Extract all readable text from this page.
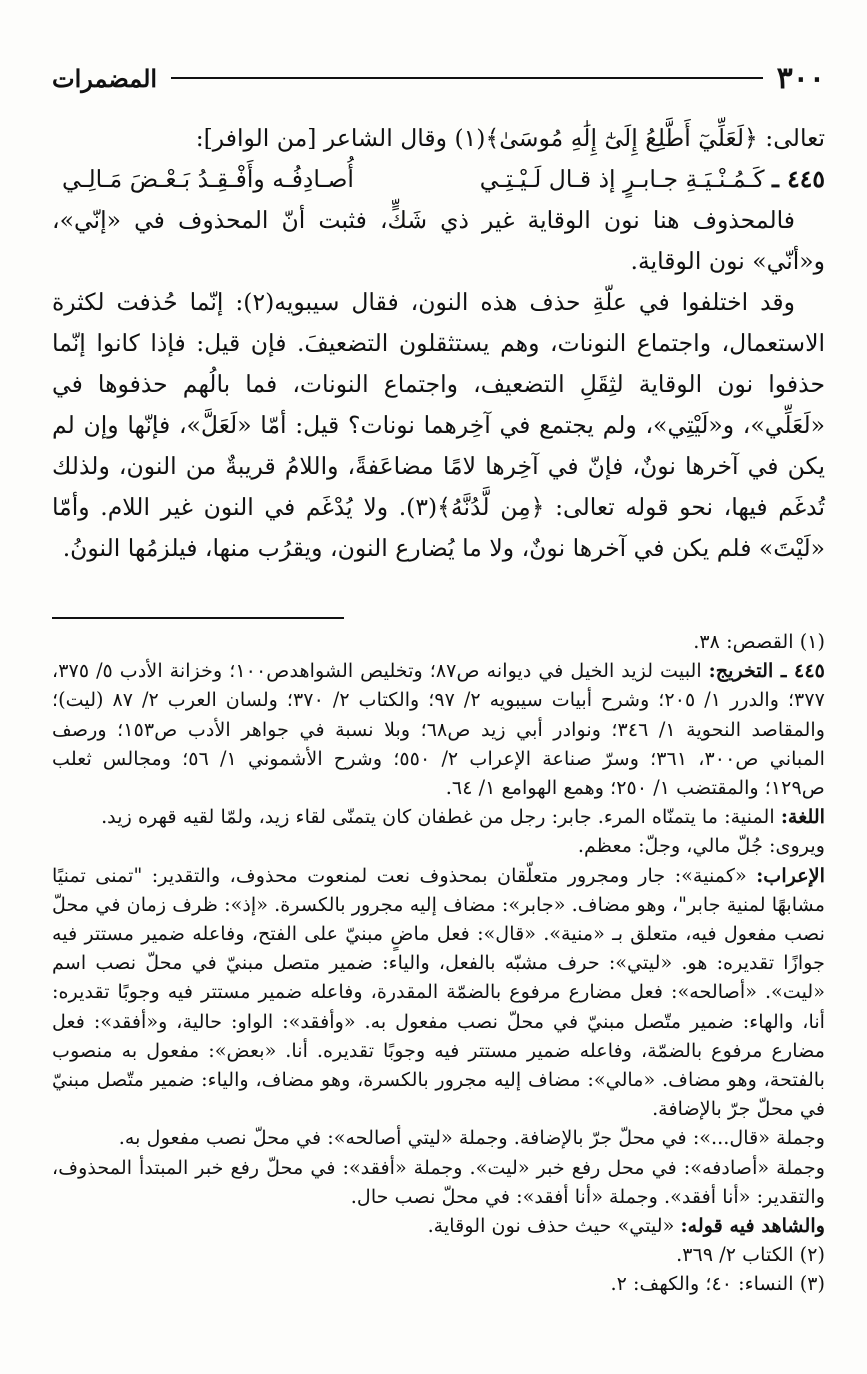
٣٠٠
المضمرات

تعالى: ﴿لَعَلِّيٓ أَطَّلِعُ إِلَىٰٓ إِلَٰهِ مُوسَىٰ﴾(١) وقال الشاعر [من الوافر]:

٤٤٥ ـ كَـمُـنْـيَـةِ جـابـرٍ إذ قـال لَـيْـتِـي
أُصـادِفُـه وأَفْـقِـدُ بَـعْـضَ مَـالِـي

فالمحذوف هنا نون الوقاية غير ذي شَكٍّ، فثبت أنّ المحذوف في «إنّي»، و«أنّي» نون الوقاية.

وقد اختلفوا في علّةِ حذف هذه النون، فقال سيبويه(٢): إنّما حُذفت لكثرة الاستعمال، واجتماع النونات، وهم يستثقلون التضعيفَ. فإن قيل: فإذا كانوا إنّما حذفوا نون الوقاية لثِقَلِ التضعيف، واجتماع النونات، فما بالُهم حذفوها في «لَعَلِّي»، و«لَيْتِي»، ولم يجتمع في آخِرهما نونات؟ قيل: أمّا «لَعَلَّ»، فإنّها وإن لم يكن في آخرها نونٌ، فإنّ في آخِرها لامًا مضاعَفةً، واللامُ قريبةٌ من النون، ولذلك تُدغَم فيها، نحو قوله تعالى: ﴿مِن لَّدُنَّهُ﴾(٣). ولا يُدْغَم في النون غير اللام. وأمّا «لَيْتَ» فلم يكن في آخرها نونٌ، ولا ما يُضارع النون، ويقرُب منها، فيلزمُها النونُ.

(١) القصص: ٣٨.

٤٤٥ ـ التخريج: البيت لزيد الخيل في ديوانه ص٨٧؛ وتخليص الشواهدص١٠٠؛ وخزانة الأدب ٥/ ٣٧٥، ٣٧٧؛ والدرر ١/ ٢٠٥؛ وشرح أبيات سيبويه ٢/ ٩٧؛ والكتاب ٢/ ٣٧٠؛ ولسان العرب ٢/ ٨٧ (ليت)؛ والمقاصد النحوية ١/ ٣٤٦؛ ونوادر أبي زيد ص٦٨؛ وبلا نسبة في جواهر الأدب ص١٥٣؛ ورصف المباني ص٣٠٠، ٣٦١؛ وسرّ صناعة الإعراب ٢/ ٥٥٠؛ وشرح الأشموني ١/ ٥٦؛ ومجالس ثعلب ص١٢٩؛ والمقتضب ١/ ٢٥٠؛ وهمع الهوامع ١/ ٦٤.

اللغة: المنية: ما يتمنّاه المرء. جابر: رجل من غطفان كان يتمنّى لقاء زيد، ولمّا لقيه قهره زيد.

ويروى: جُلّ مالي، وجلّ: معظم.

الإعراب: «كمنية»: جار ومجرور متعلّقان بمحذوف نعت لمنعوت محذوف، والتقدير: "تمنى تمنيًا مشابهًا لمنية جابر"، وهو مضاف. «جابر»: مضاف إليه مجرور بالكسرة. «إذ»: ظرف زمان في محلّ نصب مفعول فيه، متعلق بـ «منية». «قال»: فعل ماضٍ مبنيّ على الفتح، وفاعله ضمير مستتر فيه جوازًا تقديره: هو. «ليتي»: حرف مشبّه بالفعل، والياء: ضمير متصل مبنيّ في محلّ نصب اسم «ليت». «أصالحه»: فعل مضارع مرفوع بالضمّة المقدرة، وفاعله ضمير مستتر فيه وجوبًا تقديره: أنا، والهاء: ضمير متّصل مبنيّ في محلّ نصب مفعول به. «وأفقد»: الواو: حالية، و«أفقد»: فعل مضارع مرفوع بالضمّة، وفاعله ضمير مستتر فيه وجوبًا تقديره. أنا. «بعض»: مفعول به منصوب بالفتحة، وهو مضاف. «مالي»: مضاف إليه مجرور بالكسرة، وهو مضاف، والياء: ضمير متّصل مبنيّ في محلّ جرّ بالإضافة.

وجملة «قال...»: في محلّ جرّ بالإضافة. وجملة «ليتي أصالحه»: في محلّ نصب مفعول به.

وجملة «أصادفه»: في محل رفع خبر «ليت». وجملة «أفقد»: في محلّ رفع خبر المبتدأ المحذوف، والتقدير: «أنا أفقد». وجملة «أنا أفقد»: في محلّ نصب حال.

والشاهد فيه قوله: «ليتي» حيث حذف نون الوقاية.

(٢) الكتاب ٢/ ٣٦٩.

(٣) النساء: ٤٠؛ والكهف: ٢.
